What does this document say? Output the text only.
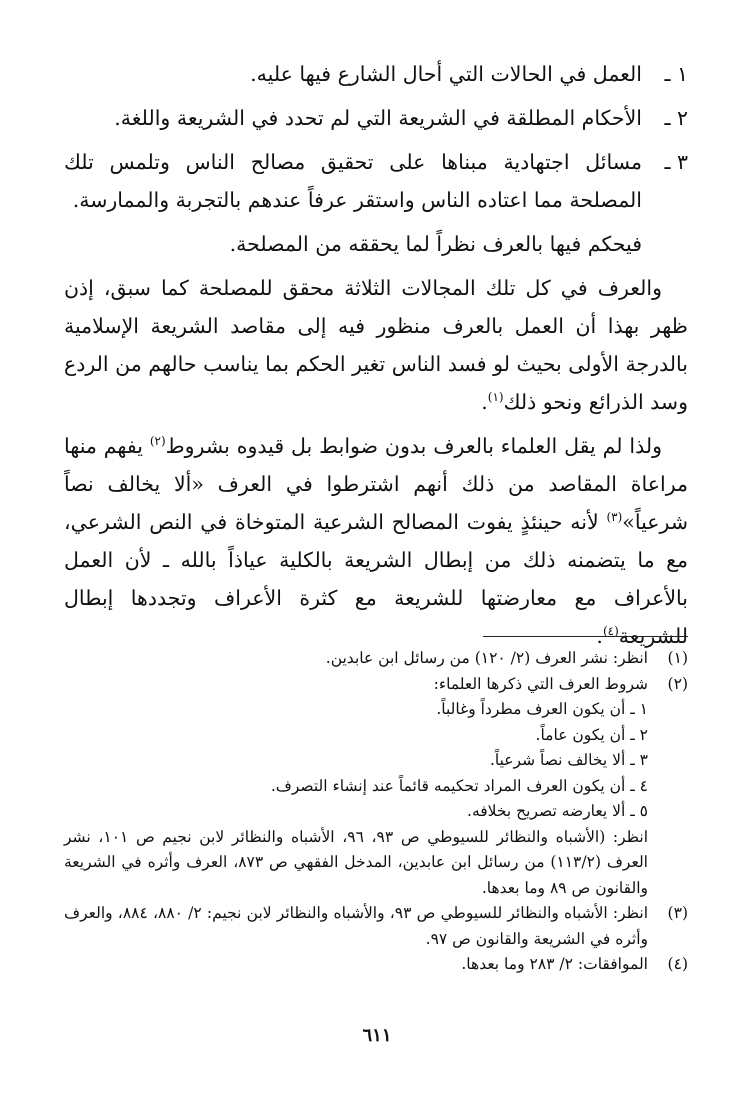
١ ـ
العمل في الحالات التي أحال الشارع فيها عليه.
٢ ـ
الأحكام المطلقة في الشريعة التي لم تحدد في الشريعة واللغة.
٣ ـ
مسائل اجتهادية مبناها على تحقيق مصالح الناس وتلمس تلك المصلحة مما اعتاده الناس واستقر عرفاً عندهم بالتجربة والممارسة.

فيحكم فيها بالعرف نظراً لما يحققه من المصلحة.

والعرف في كل تلك المجالات الثلاثة محقق للمصلحة كما سبق، إذن ظهر بهذا أن العمل بالعرف منظور فيه إلى مقاصد الشريعة الإسلامية بالدرجة الأولى بحيث لو فسد الناس تغير الحكم بما يناسب حالهم من الردع وسد الذرائع ونحو ذلك$^{(١)}$.

ولذا لم يقل العلماء بالعرف بدون ضوابط بل قيدوه بشروط$^{(٢)}$ يفهم منها مراعاة المقاصد من ذلك أنهم اشترطوا في العرف «ألا يخالف نصاً شرعياً»$^{(٣)}$ لأنه حينئذٍ يفوت المصالح الشرعية المتوخاة في النص الشرعي، مع ما يتضمنه ذلك من إبطال الشريعة بالكلية عياذاً بالله ـ لأن العمل بالأعراف مع معارضتها للشريعة مع كثرة الأعراف وتجددها إبطال للشريعة$^{(٤)}$.

(١)
انظر: نشر العرف (٢/ ١٢٠) من رسائل ابن عابدين.
(٢)
شروط العرف التي ذكرها العلماء:
١ ـ أن يكون العرف مطرداً وغالباً.
٢ ـ أن يكون عاماً.
٣ ـ ألا يخالف نصاً شرعياً.
٤ ـ أن يكون العرف المراد تحكيمه قائماً عند إنشاء التصرف.
٥ ـ ألا يعارضه تصريح بخلافه.
انظر: (الأشباه والنظائر للسيوطي ص ٩٣، ٩٦، الأشباه والنظائر لابن نجيم ص ١٠١، نشر العرف (١١٣/٢) من رسائل ابن عابدين، المدخل الفقهي ص ٨٧٣، العرف وأثره في الشريعة والقانون ص ٨٩ وما بعدها.
(٣)
انظر: الأشباه والنظائر للسيوطي ص ٩٣، والأشباه والنظائر لابن نجيم: ٢/ ٨٨٠، ٨٨٤، والعرف وأثره في الشريعة والقانون ص ٩٧.
(٤)
الموافقات: ٢/ ٢٨٣ وما بعدها.
٦١١
